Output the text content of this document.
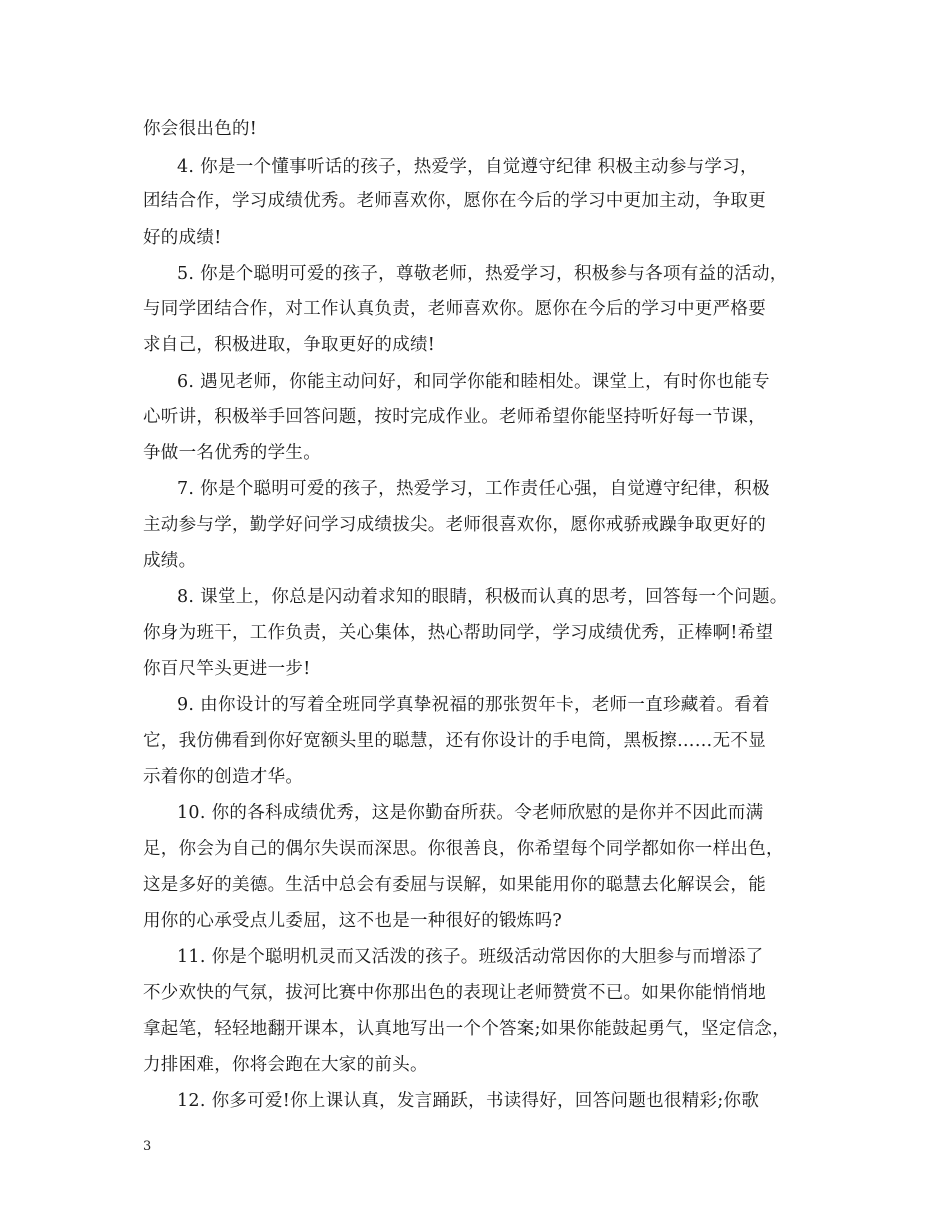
你会很出色的!
4. 你是一个懂事听话的孩子，热爱学，自觉遵守纪律 积极主动参与学习，
团结合作，学习成绩优秀。老师喜欢你，愿你在今后的学习中更加主动，争取更
好的成绩!
5. 你是个聪明可爱的孩子，尊敬老师，热爱学习，积极参与各项有益的活动，
与同学团结合作，对工作认真负责，老师喜欢你。愿你在今后的学习中更严格要
求自己，积极进取，争取更好的成绩!
6. 遇见老师，你能主动问好，和同学你能和睦相处。课堂上，有时你也能专
心听讲，积极举手回答问题，按时完成作业。老师希望你能坚持听好每一节课，
争做一名优秀的学生。
7. 你是个聪明可爱的孩子，热爱学习，工作责任心强，自觉遵守纪律，积极
主动参与学，勤学好问学习成绩拔尖。老师很喜欢你，愿你戒骄戒躁争取更好的
成绩。
8. 课堂上，你总是闪动着求知的眼睛，积极而认真的思考，回答每一个问题。
你身为班干，工作负责，关心集体，热心帮助同学，学习成绩优秀，正棒啊!希望
你百尺竿头更进一步!
9. 由你设计的写着全班同学真挚祝福的那张贺年卡，老师一直珍藏着。看着
它，我仿佛看到你好宽额头里的聪慧，还有你设计的手电筒，黑板擦……无不显
示着你的创造才华。
10. 你的各科成绩优秀，这是你勤奋所获。令老师欣慰的是你并不因此而满
足，你会为自己的偶尔失误而深思。你很善良，你希望每个同学都如你一样出色，
这是多好的美德。生活中总会有委屈与误解，如果能用你的聪慧去化解误会，能
用你的心承受点儿委屈，这不也是一种很好的锻炼吗?
11. 你是个聪明机灵而又活泼的孩子。班级活动常因你的大胆参与而增添了
不少欢快的气氛，拔河比赛中你那出色的表现让老师赞赏不已。如果你能悄悄地
拿起笔，轻轻地翻开课本，认真地写出一个个答案;如果你能鼓起勇气，坚定信念，
力排困难，你将会跑在大家的前头。
12. 你多可爱!你上课认真，发言踊跃，书读得好，回答问题也很精彩;你歌
3
